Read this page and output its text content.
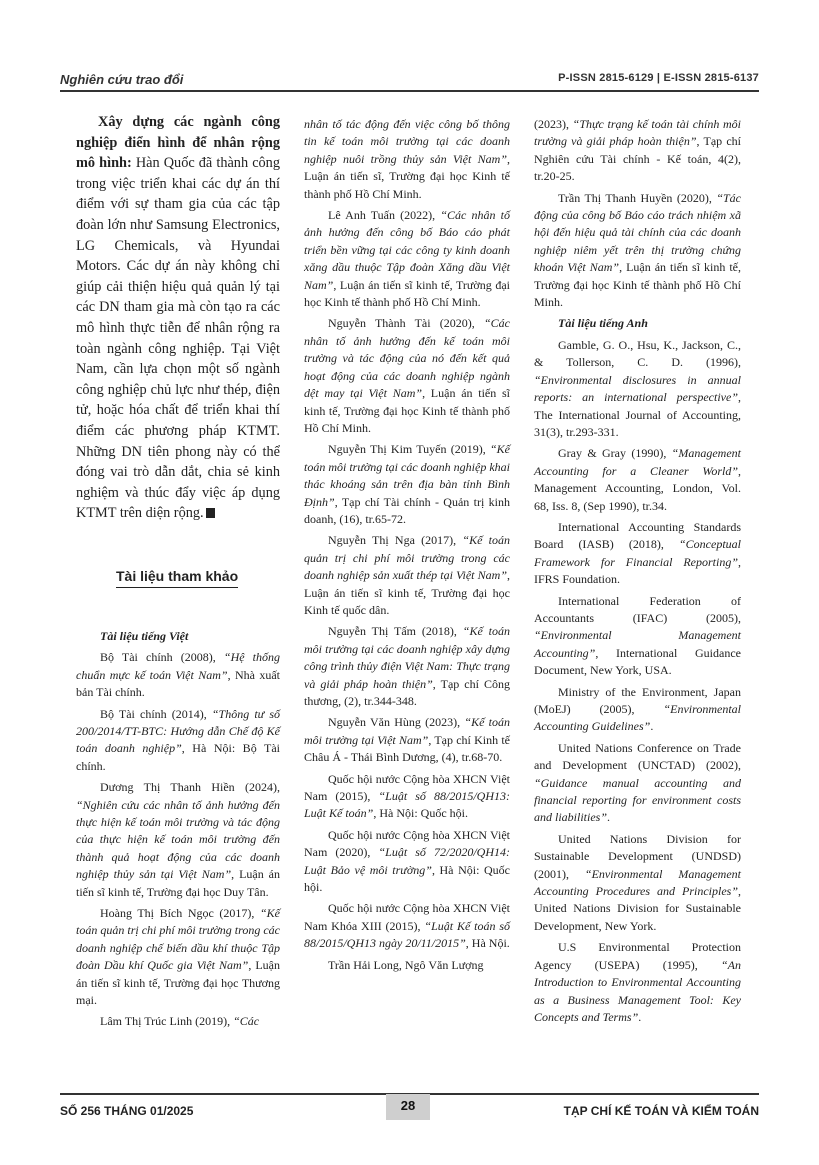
Nghiên cứu trao đổi	P-ISSN 2815-6129 | E-ISSN 2815-6137

Xây dựng các ngành công nghiệp điển hình để nhân rộng mô hình: Hàn Quốc đã thành công trong việc triển khai các dự án thí điểm với sự tham gia của các tập đoàn lớn như Samsung Electronics, LG Chemicals, và Hyundai Motors. Các dự án này không chỉ giúp cải thiện hiệu quả quản lý tại các DN tham gia mà còn tạo ra các mô hình thực tiễn để nhân rộng ra toàn ngành công nghiệp. Tại Việt Nam, cần lựa chọn một số ngành công nghiệp chủ lực như thép, điện tử, hoặc hóa chất để triển khai thí điểm các phương pháp KTMT. Những DN tiên phong này có thể đóng vai trò dẫn dắt, chia sẻ kinh nghiệm và thúc đẩy việc áp dụng KTMT trên diện rộng.

Tài liệu tham khảo

Tài liệu tiếng Việt

Bộ Tài chính (2008), “Hệ thống chuẩn mực kế toán Việt Nam”, Nhà xuất bản Tài chính.

Bộ Tài chính (2014), “Thông tư số 200/2014/TT-BTC: Hướng dẫn Chế độ Kế toán doanh nghiệp”, Hà Nội: Bộ Tài chính.

Dương Thị Thanh Hiền (2024), “Nghiên cứu các nhân tố ảnh hưởng đến thực hiện kế toán môi trường và tác động của thực hiện kế toán môi trường đến thành quả hoạt động của các doanh nghiệp thủy sản tại Việt Nam”, Luận án tiến sĩ kinh tế, Trường đại học Duy Tân.

Hoàng Thị Bích Ngọc (2017), “Kế toán quản trị chi phí môi trường trong các doanh nghiệp chế biến dầu khí thuộc Tập đoàn Dầu khí Quốc gia Việt Nam”, Luận án tiến sĩ kinh tế, Trường đại học Thương mại.

Lâm Thị Trúc Linh (2019), “Các

nhân tố tác động đến việc công bố thông tin kế toán môi trường tại các doanh nghiệp nuôi trồng thủy sản Việt Nam”, Luận án tiến sĩ, Trường đại học Kinh tế thành phố Hồ Chí Minh.

Lê Anh Tuấn (2022), “Các nhân tố ảnh hưởng đến công bố Báo cáo phát triển bền vững tại các công ty kinh doanh xăng dầu thuộc Tập đoàn Xăng dầu Việt Nam”, Luận án tiến sĩ kinh tế, Trường đại học Kinh tế thành phố Hồ Chí Minh.

Nguyễn Thành Tài (2020), “Các nhân tố ảnh hưởng đến kế toán môi trường và tác động của nó đến kết quả hoạt động của các doanh nghiệp ngành dệt may tại Việt Nam”, Luận án tiến sĩ kinh tế, Trường đại học Kinh tế thành phố Hồ Chí Minh.

Nguyễn Thị Kim Tuyến (2019), “Kế toán môi trường tại các doanh nghiệp khai thác khoáng sản trên địa bàn tỉnh Bình Định”, Tạp chí Tài chính - Quản trị kinh doanh, (16), tr.65-72.

Nguyễn Thị Nga (2017), “Kế toán quản trị chi phí môi trường trong các doanh nghiệp sản xuất thép tại Việt Nam”, Luận án tiến sĩ kinh tế, Trường đại học Kinh tế quốc dân.

Nguyễn Thị Tấm (2018), “Kế toán môi trường tại các doanh nghiệp xây dựng công trình thủy điện Việt Nam: Thực trạng và giải pháp hoàn thiện”, Tạp chí Công thương, (2), tr.344-348.

Nguyễn Văn Hùng (2023), “Kế toán môi trường tại Việt Nam”, Tạp chí Kinh tế Châu Á - Thái Bình Dương, (4), tr.68-70.

Quốc hội nước Cộng hòa XHCN Việt Nam (2015), “Luật số 88/2015/QH13: Luật Kế toán”, Hà Nội: Quốc hội.

Quốc hội nước Cộng hòa XHCN Việt Nam (2020), “Luật số 72/2020/QH14: Luật Bảo vệ môi trường”, Hà Nội: Quốc hội.

Quốc hội nước Cộng hòa XHCN Việt Nam Khóa XIII (2015), “Luật Kế toán số 88/2015/QH13 ngày 20/11/2015”, Hà Nội.

Trần Hải Long, Ngô Văn Lượng

(2023), “Thực trạng kế toán tài chính môi trường và giải pháp hoàn thiện”, Tạp chí Nghiên cứu Tài chính - Kế toán, 4(2), tr.20-25.

Trần Thị Thanh Huyền (2020), “Tác động của công bố Báo cáo trách nhiệm xã hội đến hiệu quả tài chính của các doanh nghiệp niêm yết trên thị trường chứng khoán Việt Nam”, Luận án tiến sĩ kinh tế, Trường đại học Kinh tế thành phố Hồ Chí Minh.

Tài liệu tiếng Anh

Gamble, G. O., Hsu, K., Jackson, C., & Tollerson, C. D. (1996), “Environmental disclosures in annual reports: an international perspective”, The International Journal of Accounting, 31(3), tr.293-331.

Gray & Gray (1990), “Management Accounting for a Cleaner World”, Management Accounting, London, Vol. 68, Iss. 8, (Sep 1990), tr.34.

International Accounting Standards Board (IASB) (2018), “Conceptual Framework for Financial Reporting”, IFRS Foundation.

International Federation of Accountants (IFAC) (2005), “Environmental Management Accounting”, International Guidance Document, New York, USA.

Ministry of the Environment, Japan (MoEJ) (2005), “Environmental Accounting Guidelines”.

United Nations Conference on Trade and Development (UNCTAD) (2002), “Guidance manual accounting and financial reporting for environment costs and liabilities”.

United Nations Division for Sustainable Development (UNDSD) (2001), “Environmental Management Accounting Procedures and Principles”, United Nations Division for Sustainable Development, New York.

U.S Environmental Protection Agency (USEPA) (1995), “An Introduction to Environmental Accounting as a Business Management Tool: Key Concepts and Terms”.

SỐ 256 THÁNG 01/2025	28	TẠP CHÍ KẾ TOÁN VÀ KIỂM TOÁN
